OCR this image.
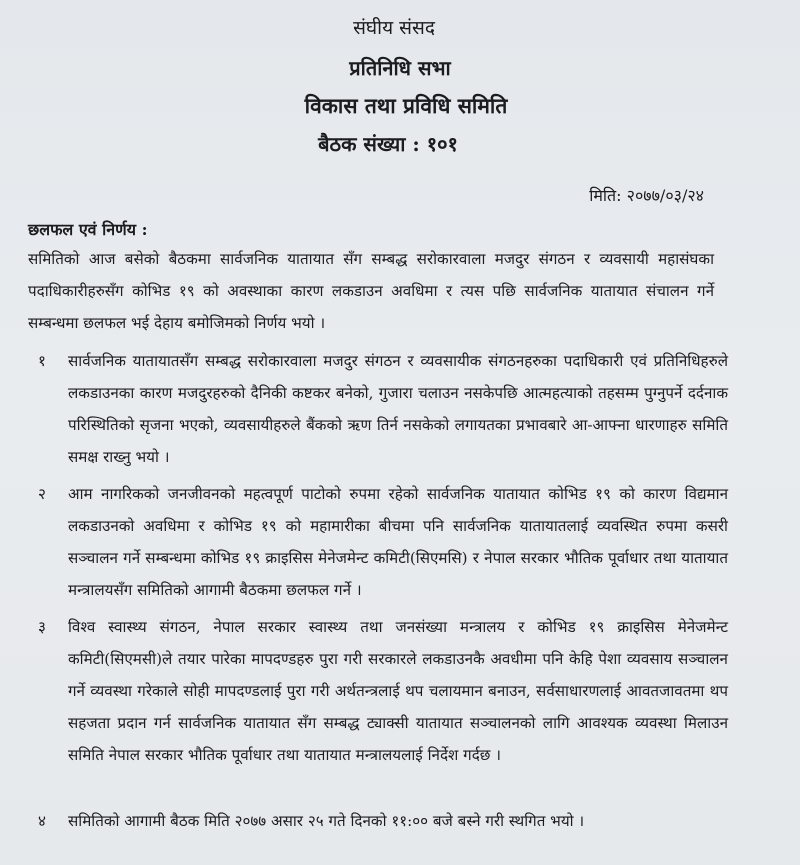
संघीय संसद
प्रतिनिधि सभा
विकास तथा प्रविधि समिति
बैठक संख्या : १०१
मिति: २०७७/०३/२४
छलफल एवं निर्णय :
समितिको आज बसेको बैठकमा सार्वजनिक यातायात सँग सम्बद्ध सरोकारवाला मजदुर संगठन र व्यवसायी महासंघका पदाधिकारीहरुसँग कोभिड १९ को अवस्थाका कारण लकडाउन अवधिमा र त्यस पछि सार्वजनिक यातायात संचालन गर्ने सम्बन्धमा छलफल भई देहाय बमोजिमको निर्णय भयो ।
१	सार्वजनिक यातायातसँग सम्बद्ध सरोकारवाला मजदुर संगठन र व्यवसायीक संगठनहरुका पदाधिकारी एवं प्रतिनिधिहरुले लकडाउनका कारण मजदुरहरुको दैनिकी कष्टकर बनेको, गुजारा चलाउन नसकेपछि आत्महत्याको तहसम्म पुग्नुपर्ने दर्दनाक परिस्थितिको सृजना भएको, व्यवसायीहरुले बैंकको ऋण तिर्न नसकेको लगायतका प्रभावबारे आ-आफ्ना धारणाहरु समिति समक्ष राख्नु भयो ।
२	आम नागरिकको जनजीवनको महत्वपूर्ण पाटोको रुपमा रहेको सार्वजनिक यातायात कोभिड १९ को कारण विद्यमान लकडाउनको अवधिमा र कोभिड १९ को महामारीका बीचमा पनि सार्वजनिक यातायातलाई व्यवस्थित रुपमा कसरी सञ्चालन गर्ने सम्बन्धमा कोभिड १९ क्राइसिस मेनेजमेन्ट कमिटी(सिएमसि) र नेपाल सरकार भौतिक पूर्वाधार तथा यातायात मन्त्रालयसँग समितिको आगामी बैठकमा छलफल गर्ने ।
३	विश्व स्वास्थ्य संगठन, नेपाल सरकार स्वास्थ्य तथा जनसंख्या मन्त्रालय र कोभिड १९ क्राइसिस मेनेजमेन्ट कमिटी(सिएमसी)ले तयार पारेका मापदण्डहरु पुरा गरी सरकारले लकडाउनकै अवधीमा पनि केहि पेशा व्यवसाय सञ्चालन गर्ने व्यवस्था गरेकाले सोही मापदण्डलाई पुरा गरी अर्थतन्त्रलाई थप चलायमान बनाउन, सर्वसाधारणलाई आवतजावतमा थप सहजता प्रदान गर्न सार्वजनिक यातायात सँग सम्बद्ध ट्याक्सी यातायात सञ्चालनको लागि आवश्यक व्यवस्था मिलाउन समिति नेपाल सरकार भौतिक पूर्वाधार तथा यातायात मन्त्रालयलाई निर्देश गर्दछ ।
४	समितिको आगामी बैठक मिति २०७७ असार २५ गते दिनको ११:०० बजे बस्ने गरी स्थगित भयो ।
